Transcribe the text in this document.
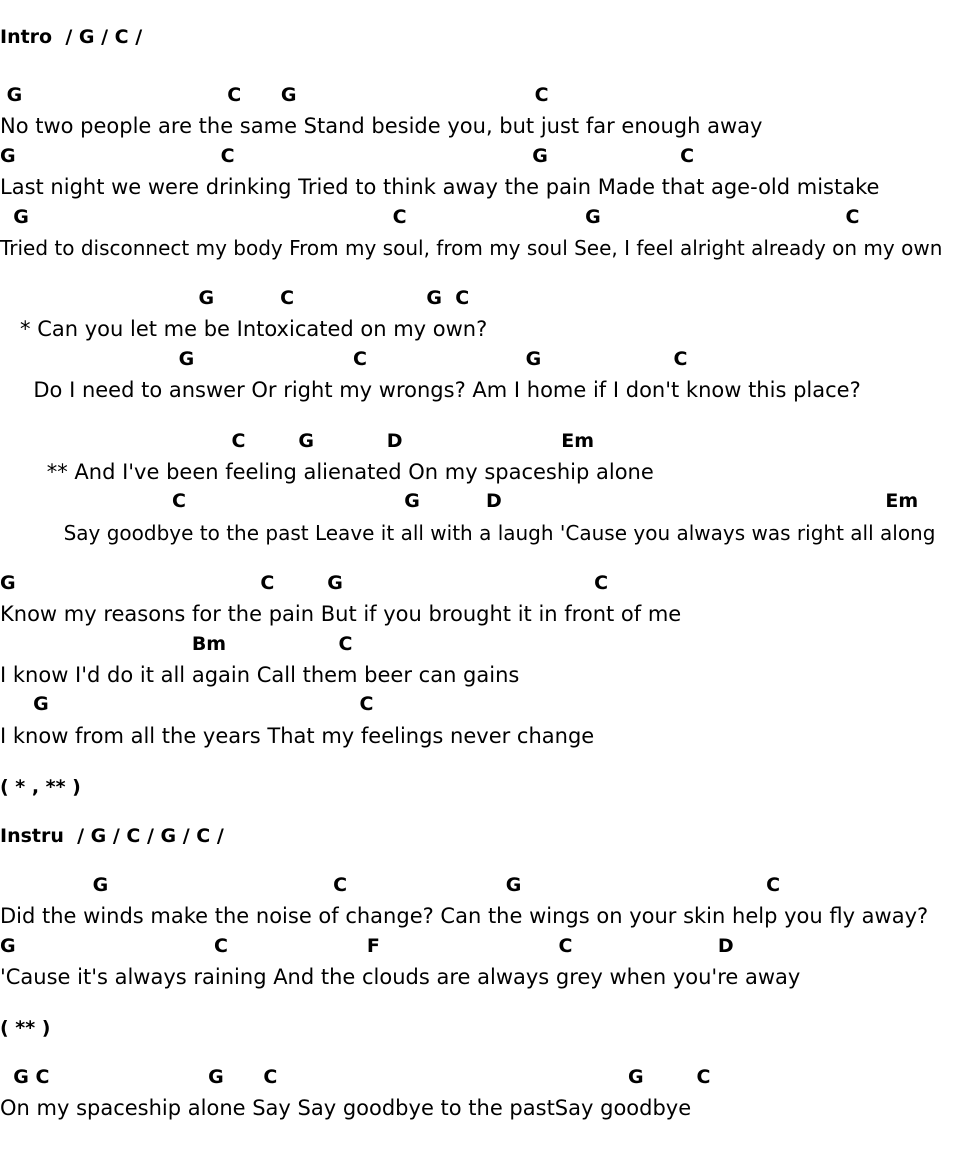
Intro  / G / C /
G                               C      G                                    C
No two people are the same Stand beside you, but just far enough away
G                               C                                             G                    C
Last night we were drinking Tried to think away the pain Made that age-old mistake
G                                                       C                           G                                     C
Tried to disconnect my body From my soul, from my soul See, I feel alright already on my own
G          C                    G  C
* Can you let me be Intoxicated on my own?
G                        C                        G                    C
Do I need to answer Or right my wrongs? Am I home if I don't know this place?
C        G           D                        Em
** And I've been feeling alienated On my spaceship alone
C                                 G          D                                                          Em
Say goodbye to the past Leave it all with a laugh 'Cause you always was right all along
G                                     C        G                                      C
Know my reasons for the pain But if you brought it in front of me
Bm                 C
I know I'd do it all again Call them beer can gains
G                                               C
I know from all the years That my feelings never change
( * , ** )
Instru  / G / C / G / C /
G                                  C                        G                                     C
Did the winds make the noise of change? Can the wings on your skin help you fly away?
G                              C                     F                           C                      D
'Cause it's always raining And the clouds are always grey when you're away
( ** )
G C                        G      C                                                     G        C
On my spaceship alone Say Say goodbye to the pastSay goodbye
